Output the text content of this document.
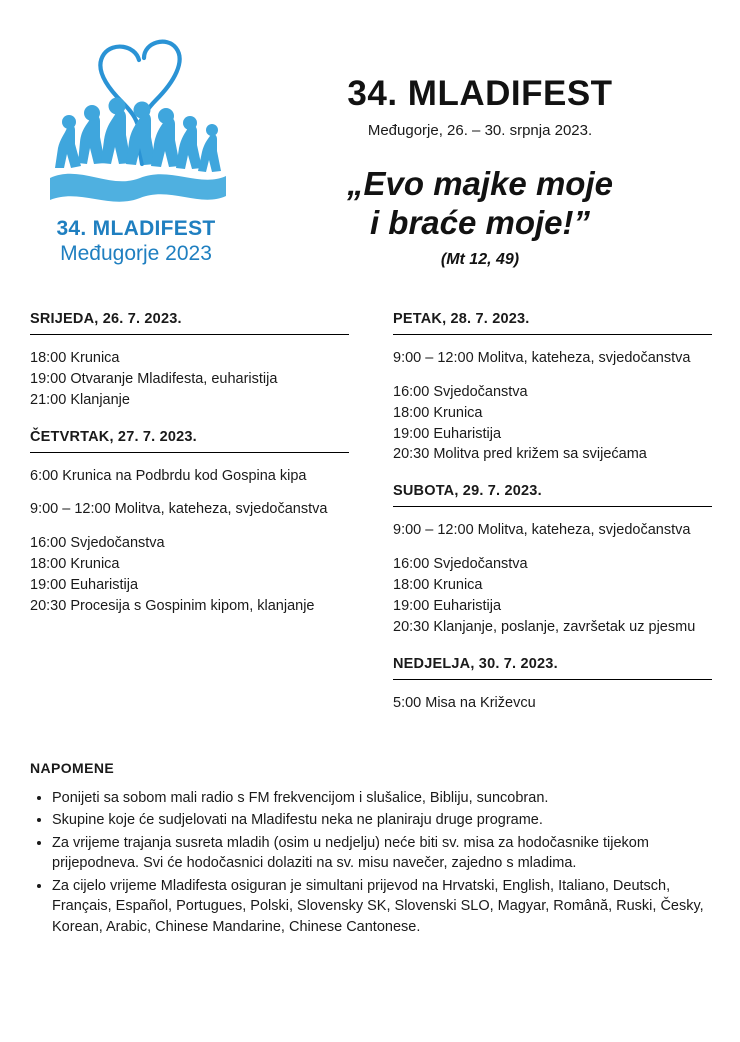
34. MLADIFEST
Međugorje 2023
34. MLADIFEST
Međugorje, 26. – 30. srpnja 2023.
„Evo majke moje
i braće moje!”
(Mt 12, 49)
SRIJEDA, 26. 7. 2023.
18:00 Krunica
19:00 Otvaranje Mladifesta, euharistija
21:00 Klanjanje
ČETVRTAK, 27. 7. 2023.
6:00 Krunica na Podbrdu kod Gospina kipa
9:00 – 12:00 Molitva, kateheza, svjedočanstva
16:00 Svjedočanstva
18:00 Krunica
19:00 Euharistija
20:30 Procesija s Gospinim kipom, klanjanje
PETAK, 28. 7. 2023.
9:00 – 12:00 Molitva, kateheza, svjedočanstva
16:00 Svjedočanstva
18:00 Krunica
19:00 Euharistija
20:30 Molitva pred križem sa svijećama
SUBOTA, 29. 7. 2023.
9:00 – 12:00 Molitva, kateheza, svjedočanstva
16:00 Svjedočanstva
18:00 Krunica
19:00 Euharistija
20:30 Klanjanje, poslanje, završetak uz pjesmu
NEDJELJA, 30. 7. 2023.
5:00 Misa na Križevcu
NAPOMENE
• Ponijeti sa sobom mali radio s FM frekvencijom i slušalice, Bibliju, suncobran.
• Skupine koje će sudjelovati na Mladifestu neka ne planiraju druge programe.
• Za vrijeme trajanja susreta mladih (osim u nedjelju) neće biti sv. misa za hodočasnike tijekom prijepodneva. Svi će hodočasnici dolaziti na sv. misu navečer, zajedno s mladima.
• Za cijelo vrijeme Mladifesta osiguran je simultani prijevod na Hrvatski, English, Italiano, Deutsch, Français, Español, Portugues, Polski, Slovensky SK, Slovenski SLO, Magyar, Română, Ruski, Česky, Korean, Arabic, Chinese Mandarine, Chinese Cantonese.
